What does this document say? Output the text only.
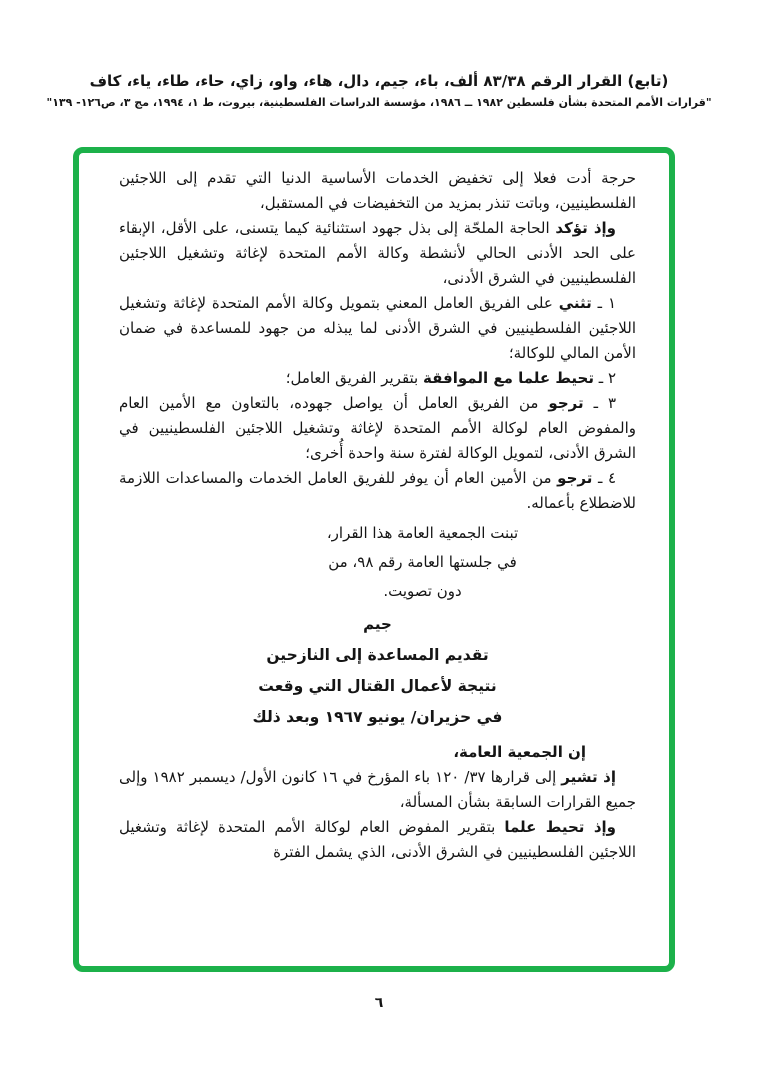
(تابع) القرار الرقم ٨٣/٣٨ ألف، باء، جيم، دال، هاء، واو، زاي، حاء، طاء، ياء، كاف
"قرارات الأمم المتحدة بشأن فلسطين ١٩٨٢ ــ ١٩٨٦، مؤسسة الدراسات الفلسطينية، بيروت، ط ١، ١٩٩٤، مج ٣، ص١٢٦- ١٣٩"

حرجة أدت فعلا إلى تخفيض الخدمات الأساسية الدنيا التي تقدم إلى اللاجئين الفلسطينيين، وباتت تنذر بمزيد من التخفيضات في المستقبل،

وإذ تؤكد الحاجة الملحّة إلى بذل جهود استثنائية كيما يتسنى، على الأقل، الإبقاء على الحد الأدنى الحالي لأنشطة وكالة الأمم المتحدة لإغاثة وتشغيل اللاجئين الفلسطينيين في الشرق الأدنى،

١ ـ تثني على الفريق العامل المعني بتمويل وكالة الأمم المتحدة لإغاثة وتشغيل اللاجئين الفلسطينيين في الشرق الأدنى لما يبذله من جهود للمساعدة في ضمان الأمن المالي للوكالة؛

٢ ـ تحيط علما مع الموافقة بتقرير الفريق العامل؛

٣ ـ ترجو من الفريق العامل أن يواصل جهوده، بالتعاون مع الأمين العام والمفوض العام لوكالة الأمم المتحدة لإغاثة وتشغيل اللاجئين الفلسطينيين في الشرق الأدنى، لتمويل الوكالة لفترة سنة واحدة أُخرى؛

٤ ـ ترجو من الأمين العام أن يوفر للفريق العامل الخدمات والمساعدات اللازمة للاضطلاع بأعماله.

تبنت الجمعية العامة هذا القرار،
في جلستها العامة رقم ٩٨، من
دون تصويت.
جيم
تقديم المساعدة إلى النازحين
نتيجة لأعمال القتال التي وقعت
في حزيران/ يونيو ١٩٦٧ وبعد ذلك

إن الجمعية العامة،

إذ تشير إلى قرارها ٣٧/ ١٢٠ باء المؤرخ في ١٦ كانون الأول/ ديسمبر ١٩٨٢ وإلى جميع القرارات السابقة بشأن المسألة،

وإذ تحيط علما بتقرير المفوض العام لوكالة الأمم المتحدة لإغاثة وتشغيل اللاجئين الفلسطينيين في الشرق الأدنى، الذي يشمل الفترة

٦
